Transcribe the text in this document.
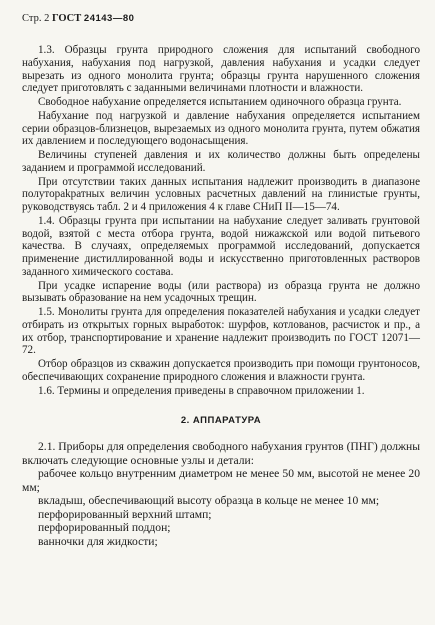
Стр. 2 ГОСТ 24143—80

1.3. Образцы грунта природного сложения для испытаний свободного набухания, набухания под нагрузкой, давления набухания и усадки следует вырезать из одного монолита грунта; образцы грунта нарушенного сложения следует приготовлять с заданными величинами плотности и влажности.

Свободное набухание определяется испытанием одиночного образца грунта.

Набухание под нагрузкой и давление набухания определяется испытанием серии образцов-близнецов, вырезаемых из одного монолита грунта, путем обжатия их давлением и последующего водонасыщения.

Величины ступеней давления и их количество должны быть определены заданием и программой исследований.

При отсутствии таких данных испытания надлежит производить в диапазоне полутораkратных величин условных расчетных давлений на глинистые грунты, руководствуясь табл. 2 и 4 приложения 4 к главе СНиП II—15—74.

1.4. Образцы грунта при испытании на набухание следует заливать грунтовой водой, взятой с места отбора грунта, водой нижажской или водой питьевого качества. В случаях, определяемых программой исследований, допускается применение дистиллированной воды и искусственно приготовленных растворов заданного химического состава.

При усадке испарение воды (или раствора) из образца грунта не должно вызывать образование на нем усадочных трещин.

1.5. Монолиты грунта для определения показателей набухания и усадки следует отбирать из открытых горных выработок: шурфов, котлованов, расчисток и пр., а их отбор, транспортирование и хранение надлежит производить по ГОСТ 12071—72.

Отбор образцов из скважин допускается производить при помощи грунтоносов, обеспечивающих сохранение природного сложения и влажности грунта.

1.6. Термины и определения приведены в справочном приложении 1.

2. АППАРАТУРА

2.1. Приборы для определения свободного набухания грунтов (ПНГ) должны включать следующие основные узлы и детали:

рабочее кольцо внутренним диаметром не менее 50 мм, высотой не менее 20 мм;

вкладыш, обеспечивающий высоту образца в кольце не менее 10 мм;

перфорированный верхний штамп;

перфорированный поддон;

ванночки для жидкости;
